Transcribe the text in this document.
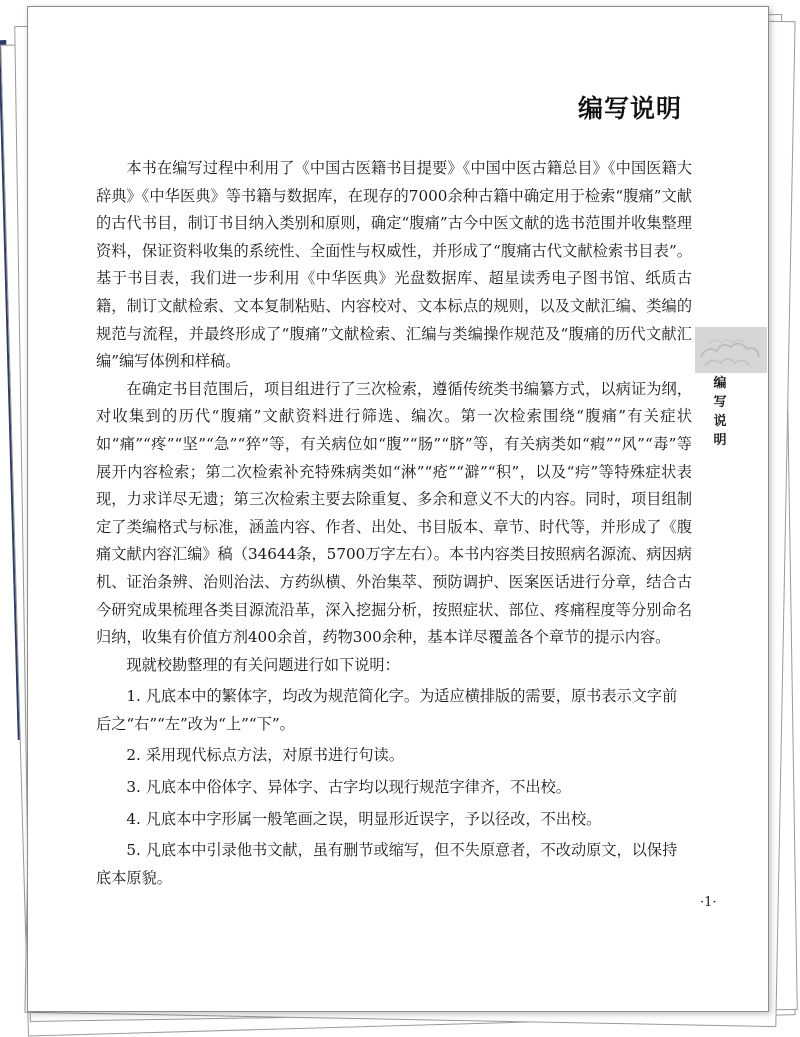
编写说明

本书在编写过程中利用了《中国古医籍书目提要》《中国中医古籍总目》《中国医籍大辞典》《中华医典》等书籍与数据库，在现存的7000余种古籍中确定用于检索“腹痛”文献的古代书目，制订书目纳入类别和原则，确定“腹痛”古今中医文献的选书范围并收集整理资料，保证资料收集的系统性、全面性与权威性，并形成了“腹痛古代文献检索书目表”。基于书目表，我们进一步利用《中华医典》光盘数据库、超星读秀电子图书馆、纸质古籍，制订文献检索、文本复制粘贴、内容校对、文本标点的规则，以及文献汇编、类编的规范与流程，并最终形成了“腹痛”文献检索、汇编与类编操作规范及“腹痛的历代文献汇编”编写体例和样稿。

在确定书目范围后，项目组进行了三次检索，遵循传统类书编纂方式，以病证为纲，对收集到的历代“腹痛”文献资料进行筛选、编次。第一次检索围绕“腹痛”有关症状如“痛”“疼”“坚”“急”“猝”等，有关病位如“腹”“肠”“脐”等，有关病类如“瘕”“风”“毒”等展开内容检索；第二次检索补充特殊病类如“淋”“疮”“澼”“积”，以及“疞”等特殊症状表现，力求详尽无遗；第三次检索主要去除重复、多余和意义不大的内容。同时，项目组制定了类编格式与标准，涵盖内容、作者、出处、书目版本、章节、时代等，并形成了《腹痛文献内容汇编》稿（34644条，5700万字左右）。本书内容类目按照病名源流、病因病机、证治条辨、治则治法、方药纵横、外治集萃、预防调护、医案医话进行分章，结合古今研究成果梳理各类目源流沿革，深入挖掘分析，按照症状、部位、疼痛程度等分别命名归纳，收集有价值方剂400余首，药物300余种，基本详尽覆盖各个章节的提示内容。

现就校勘整理的有关问题进行如下说明：

1. 凡底本中的繁体字，均改为规范简化字。为适应横排版的需要，原书表示文字前后之“右”“左”改为“上”“下”。

2. 采用现代标点方法，对原书进行句读。

3. 凡底本中俗体字、异体字、古字均以现行规范字律齐，不出校。

4. 凡底本中字形属一般笔画之误，明显形近误字，予以径改，不出校。

5. 凡底本中引录他书文献，虽有删节或缩写，但不失原意者，不改动原文，以保持底本原貌。

·1·
编
写
说
明
